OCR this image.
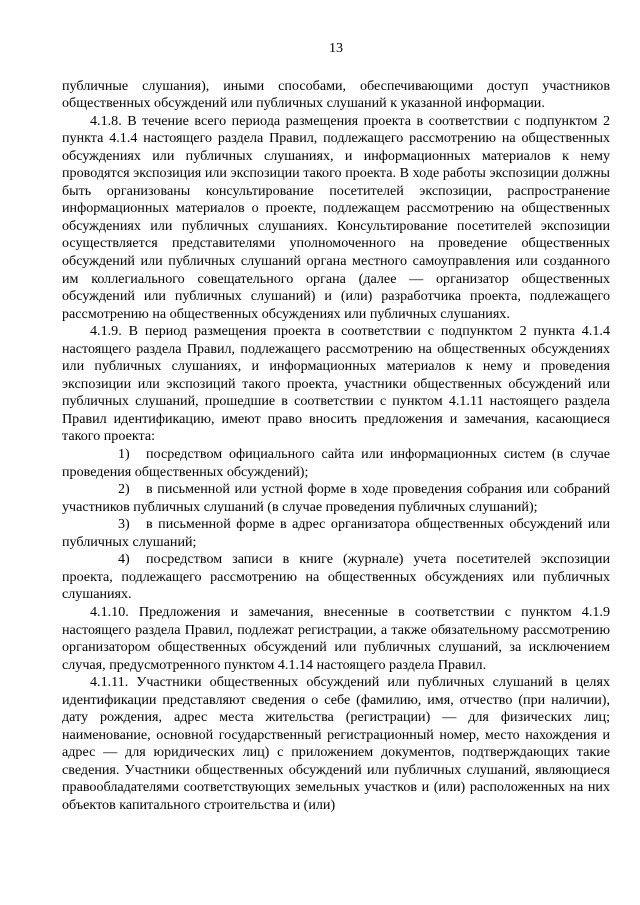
13

публичные слушания), иными способами, обеспечивающими доступ участников общественных обсуждений или публичных слушаний к указанной информации.

4.1.8. В течение всего периода размещения проекта в соответствии с подпунктом 2 пункта 4.1.4 настоящего раздела Правил, подлежащего рассмотрению на общественных обсуждениях или публичных слушаниях, и информационных материалов к нему проводятся экспозиция или экспозиции такого проекта. В ходе работы экспозиции должны быть организованы консультирование посетителей экспозиции, распространение информационных материалов о проекте, подлежащем рассмотрению на общественных обсуждениях или публичных слушаниях. Консультирование посетителей экспозиции осуществляется представителями уполномоченного на проведение общественных обсуждений или публичных слушаний органа местного самоуправления или созданного им коллегиального совещательного органа (далее — организатор общественных обсуждений или публичных слушаний) и (или) разработчика проекта, подлежащего рассмотрению на общественных обсуждениях или публичных слушаниях.

4.1.9. В период размещения проекта в соответствии с подпунктом 2 пункта 4.1.4 настоящего раздела Правил, подлежащего рассмотрению на общественных обсуждениях или публичных слушаниях, и информационных материалов к нему и проведения экспозиции или экспозиций такого проекта, участники общественных обсуждений или публичных слушаний, прошедшие в соответствии с пунктом 4.1.11 настоящего раздела Правил идентификацию, имеют право вносить предложения и замечания, касающиеся такого проекта:

1) посредством официального сайта или информационных систем (в случае проведения общественных обсуждений);

2) в письменной или устной форме в ходе проведения собрания или собраний участников публичных слушаний (в случае проведения публичных слушаний);

3) в письменной форме в адрес организатора общественных обсуждений или публичных слушаний;

4) посредством записи в книге (журнале) учета посетителей экспозиции проекта, подлежащего рассмотрению на общественных обсуждениях или публичных слушаниях.

4.1.10. Предложения и замечания, внесенные в соответствии с пунктом 4.1.9 настоящего раздела Правил, подлежат регистрации, а также обязательному рассмотрению организатором общественных обсуждений или публичных слушаний, за исключением случая, предусмотренного пунктом 4.1.14 настоящего раздела Правил.

4.1.11. Участники общественных обсуждений или публичных слушаний в целях идентификации представляют сведения о себе (фамилию, имя, отчество (при наличии), дату рождения, адрес места жительства (регистрации) — для физических лиц; наименование, основной государственный регистрационный номер, место нахождения и адрес — для юридических лиц) с приложением документов, подтверждающих такие сведения. Участники общественных обсуждений или публичных слушаний, являющиеся правообладателями соответствующих земельных участков и (или) расположенных на них объектов капитального строительства и (или)
